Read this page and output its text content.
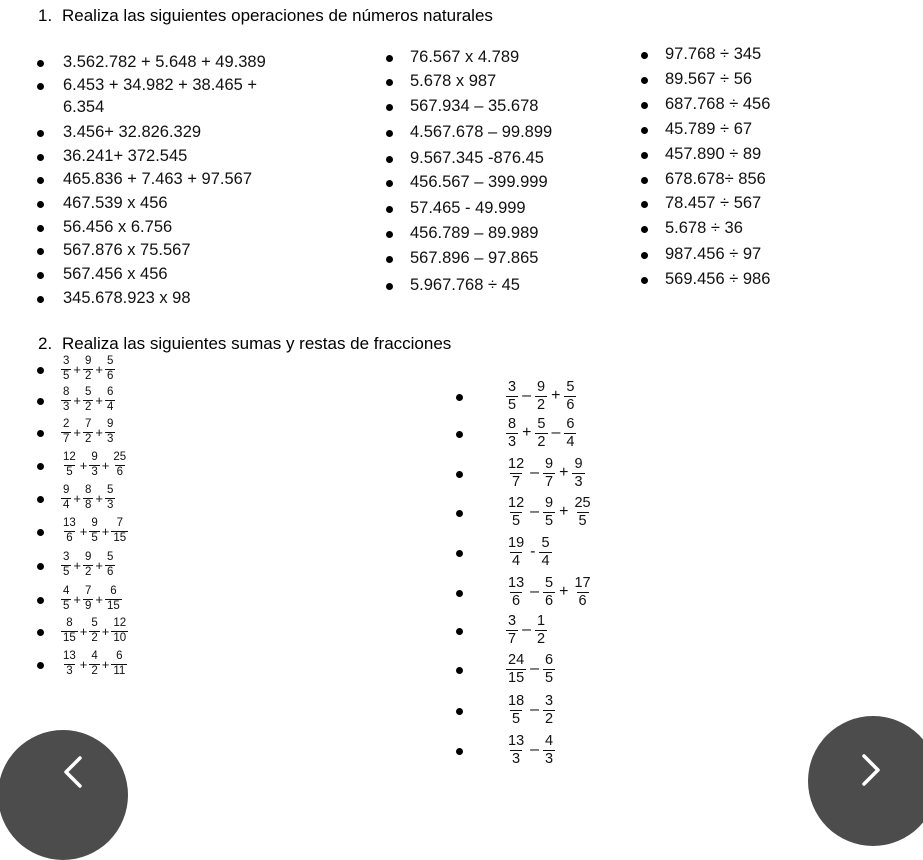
1. Realiza las siguientes operaciones de números naturales
3.562.782 + 5.648 + 49.389
6.453 + 34.982 + 38.465 +
6.354
3.456+ 32.826.329
36.241+ 372.545
465.836 + 7.463 + 97.567
467.539 x 456
56.456 x 6.756
567.876 x 75.567
567.456 x 456
345.678.923 x 98
76.567 x 4.789
5.678 x 987
567.934 – 35.678
4.567.678 – 99.899
9.567.345 -876.45
456.567 – 399.999
57.465 - 49.999
456.789 – 89.989
567.896 – 97.865
5.967.768 ÷ 45
97.768 ÷ 345
89.567 ÷ 56
687.768 ÷ 456
45.789 ÷ 67
457.890 ÷ 89
678.678÷ 856
78.457 ÷ 567
5.678 ÷ 36
987.456 ÷ 97
569.456 ÷ 986
2. Realiza las siguientes sumas y restas de fracciones
$\frac{3}{5} + \frac{9}{2} + \frac{5}{6}$
$\frac{8}{3} + \frac{5}{2} + \frac{6}{4}$
$\frac{2}{7} + \frac{7}{2} + \frac{9}{3}$
$\frac{12}{5} + \frac{9}{3} + \frac{25}{6}$
$\frac{9}{4} + \frac{8}{8} + \frac{5}{3}$
$\frac{13}{6} + \frac{9}{5} + \frac{7}{15}$
$\frac{3}{5} + \frac{9}{2} + \frac{5}{6}$
$\frac{4}{5} + \frac{7}{9} + \frac{6}{15}$
$\frac{8}{15} + \frac{5}{2} + \frac{12}{10}$
$\frac{13}{3} + \frac{4}{2} + \frac{6}{11}$
$\frac{3}{5} - \frac{9}{2} + \frac{5}{6}$
$\frac{8}{3} + \frac{5}{2} - \frac{6}{4}$
$\frac{12}{7} - \frac{9}{7} + \frac{9}{3}$
$\frac{12}{5} - \frac{9}{5} + \frac{25}{5}$
$\frac{19}{4} - \frac{5}{4}$
$\frac{13}{6} - \frac{5}{6} + \frac{17}{6}$
$\frac{3}{7} - \frac{1}{2}$
$\frac{24}{15} - \frac{6}{5}$
$\frac{18}{5} - \frac{3}{2}$
$\frac{13}{3} - \frac{4}{3}$
